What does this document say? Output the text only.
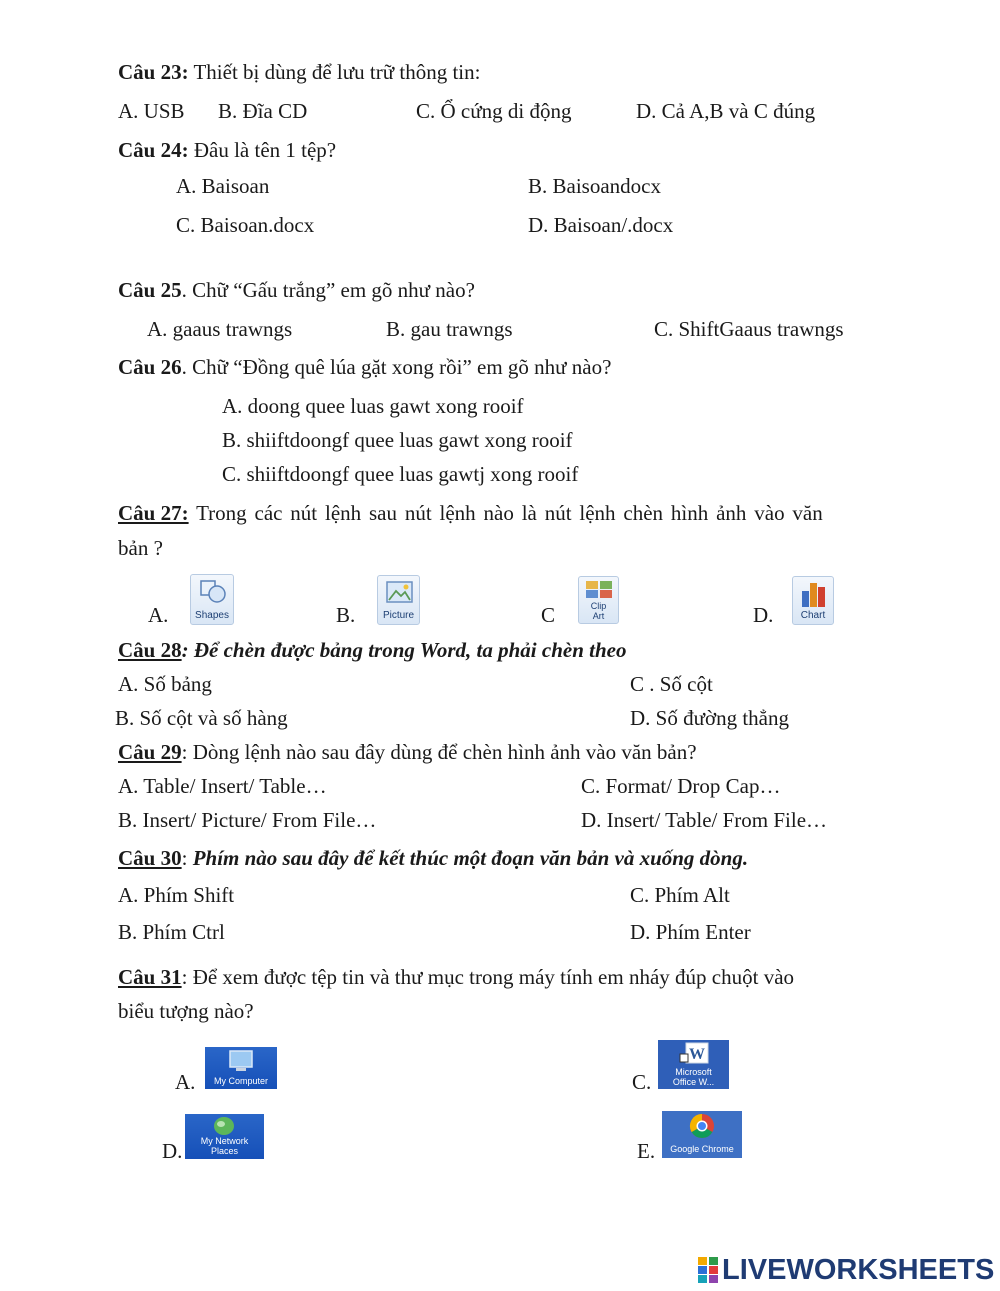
Câu 23: Thiết bị dùng để lưu trữ thông tin:
A. USB B. Đĩa CD	C. Ổ cứng di động	D. Cả A,B và C đúng
Câu 24: Đâu là tên 1 tệp?
A. Baisoan	B. Baisoandocx
C. Baisoan.docx	D. Baisoan/.docx
Câu 25. Chữ “Gấu trắng” em gõ như nào?
A. gaaus trawngs	B. gau trawngs	C. ShiftGaaus trawngs
Câu 26. Chữ “Đồng quê lúa gặt xong rồi” em gõ như nào?
A. doong quee luas gawt xong rooif
B. shiiftdoongf quee luas gawt xong rooif
C. shiiftdoongf quee luas gawtj xong rooif
Câu 27: Trong các nút lệnh sau nút lệnh nào là nút lệnh chèn hình ảnh vào văn
bản ?
A.	Shapes	B.	Picture	C	Clip
Art	D.	Chart
Câu 28: Để chèn được bảng trong Word, ta phải chèn theo
A. Số bảng	C . Số cột
B. Số cột và số hàng	D. Số đường thẳng
Câu 29: Dòng lệnh nào sau đây dùng để chèn hình ảnh vào văn bản?
A. Table/ Insert/ Table…	C. Format/ Drop Cap…
B. Insert/ Picture/ From File…	D. Insert/ Table/ From File…
Câu 30: Phím nào sau đây để kết thúc một đoạn văn bản và xuống dòng.
A. Phím Shift	C. Phím Alt
B. Phím Ctrl	D. Phím Enter
Câu 31: Để xem được tệp tin và thư mục trong máy tính em nháy đúp chuột vào
biểu tượng nào?
A.	My Computer	C.
W
Microsoft
Office W...
D.	My Network
Places	E.	Google Chrome
LIVEWORKSHEETS
